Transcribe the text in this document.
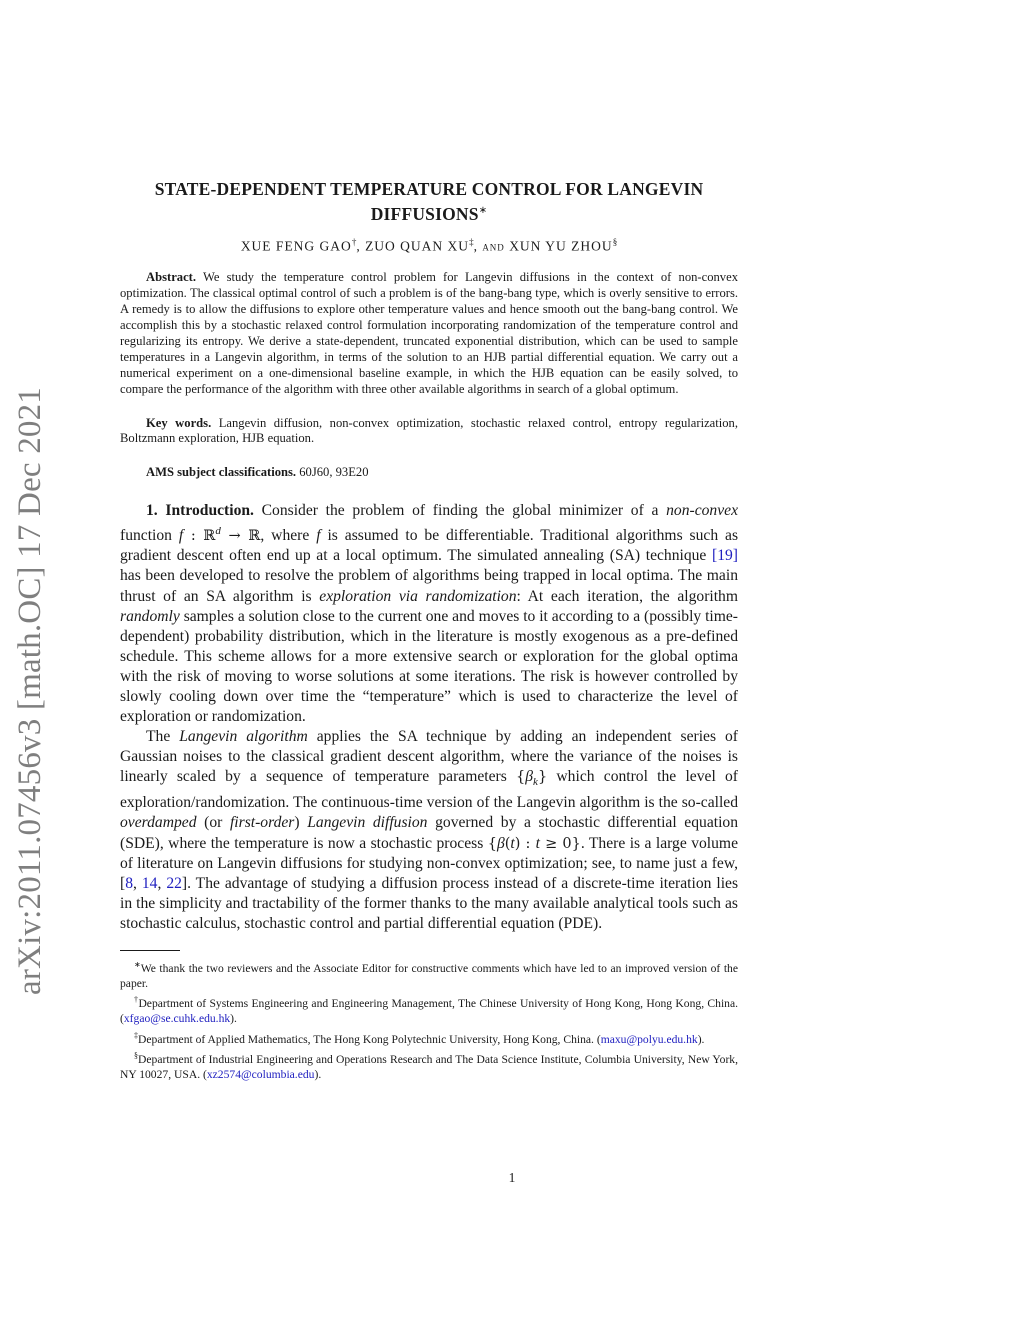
arXiv:2011.07456v3 [math.OC] 17 Dec 2021
STATE-DEPENDENT TEMPERATURE CONTROL FOR LANGEVIN
DIFFUSIONS∗
XUE FENG GAO†, ZUO QUAN XU‡, and XUN YU ZHOU§
Abstract. We study the temperature control problem for Langevin diffusions in the context of non-convex optimization. The classical optimal control of such a problem is of the bang-bang type, which is overly sensitive to errors. A remedy is to allow the diffusions to explore other temperature values and hence smooth out the bang-bang control. We accomplish this by a stochastic relaxed control formulation incorporating randomization of the temperature control and regularizing its entropy. We derive a state-dependent, truncated exponential distribution, which can be used to sample temperatures in a Langevin algorithm, in terms of the solution to an HJB partial differential equation. We carry out a numerical experiment on a one-dimensional baseline example, in which the HJB equation can be easily solved, to compare the performance of the algorithm with three other available algorithms in search of a global optimum.
Key words. Langevin diffusion, non-convex optimization, stochastic relaxed control, entropy regularization, Boltzmann exploration, HJB equation.
AMS subject classifications. 60J60, 93E20

1. Introduction. Consider the problem of finding the global minimizer of a non-convex function f : ℝ$^d$ → ℝ, where f is assumed to be differentiable. Traditional algorithms such as gradient descent often end up at a local optimum. The simulated annealing (SA) technique [19] has been developed to resolve the problem of algorithms being trapped in local optima. The main thrust of an SA algorithm is exploration via randomization: At each iteration, the algorithm randomly samples a solution close to the current one and moves to it according to a (possibly time-dependent) probability distribution, which in the literature is mostly exogenous as a pre-defined schedule. This scheme allows for a more extensive search or exploration for the global optima with the risk of moving to worse solutions at some iterations. The risk is however controlled by slowly cooling down over time the “temperature” which is used to characterize the level of exploration or randomization.

The Langevin algorithm applies the SA technique by adding an independent series of Gaussian noises to the classical gradient descent algorithm, where the variance of the noises is linearly scaled by a sequence of temperature parameters $\{\beta_k\}$ which control the level of exploration/randomization. The continuous-time version of the Langevin algorithm is the so-called overdamped (or first-order) Langevin diffusion governed by a stochastic differential equation (SDE), where the temperature is now a stochastic process {β(t) : t ≥ 0}. There is a large volume of literature on Langevin diffusions for studying non-convex optimization; see, to name just a few, [8, 14, 22]. The advantage of studying a diffusion process instead of a discrete-time iteration lies in the simplicity and tractability of the former thanks to the many available analytical tools such as stochastic calculus, stochastic control and partial differential equation (PDE).

∗We thank the two reviewers and the Associate Editor for constructive comments which have led to an improved version of the paper.

†Department of Systems Engineering and Engineering Management, The Chinese University of Hong Kong, Hong Kong, China. (xfgao@se.cuhk.edu.hk).

‡Department of Applied Mathematics, The Hong Kong Polytechnic University, Hong Kong, China. (maxu@polyu.edu.hk).

§Department of Industrial Engineering and Operations Research and The Data Science Institute, Columbia University, New York, NY 10027, USA. (xz2574@columbia.edu).

1
